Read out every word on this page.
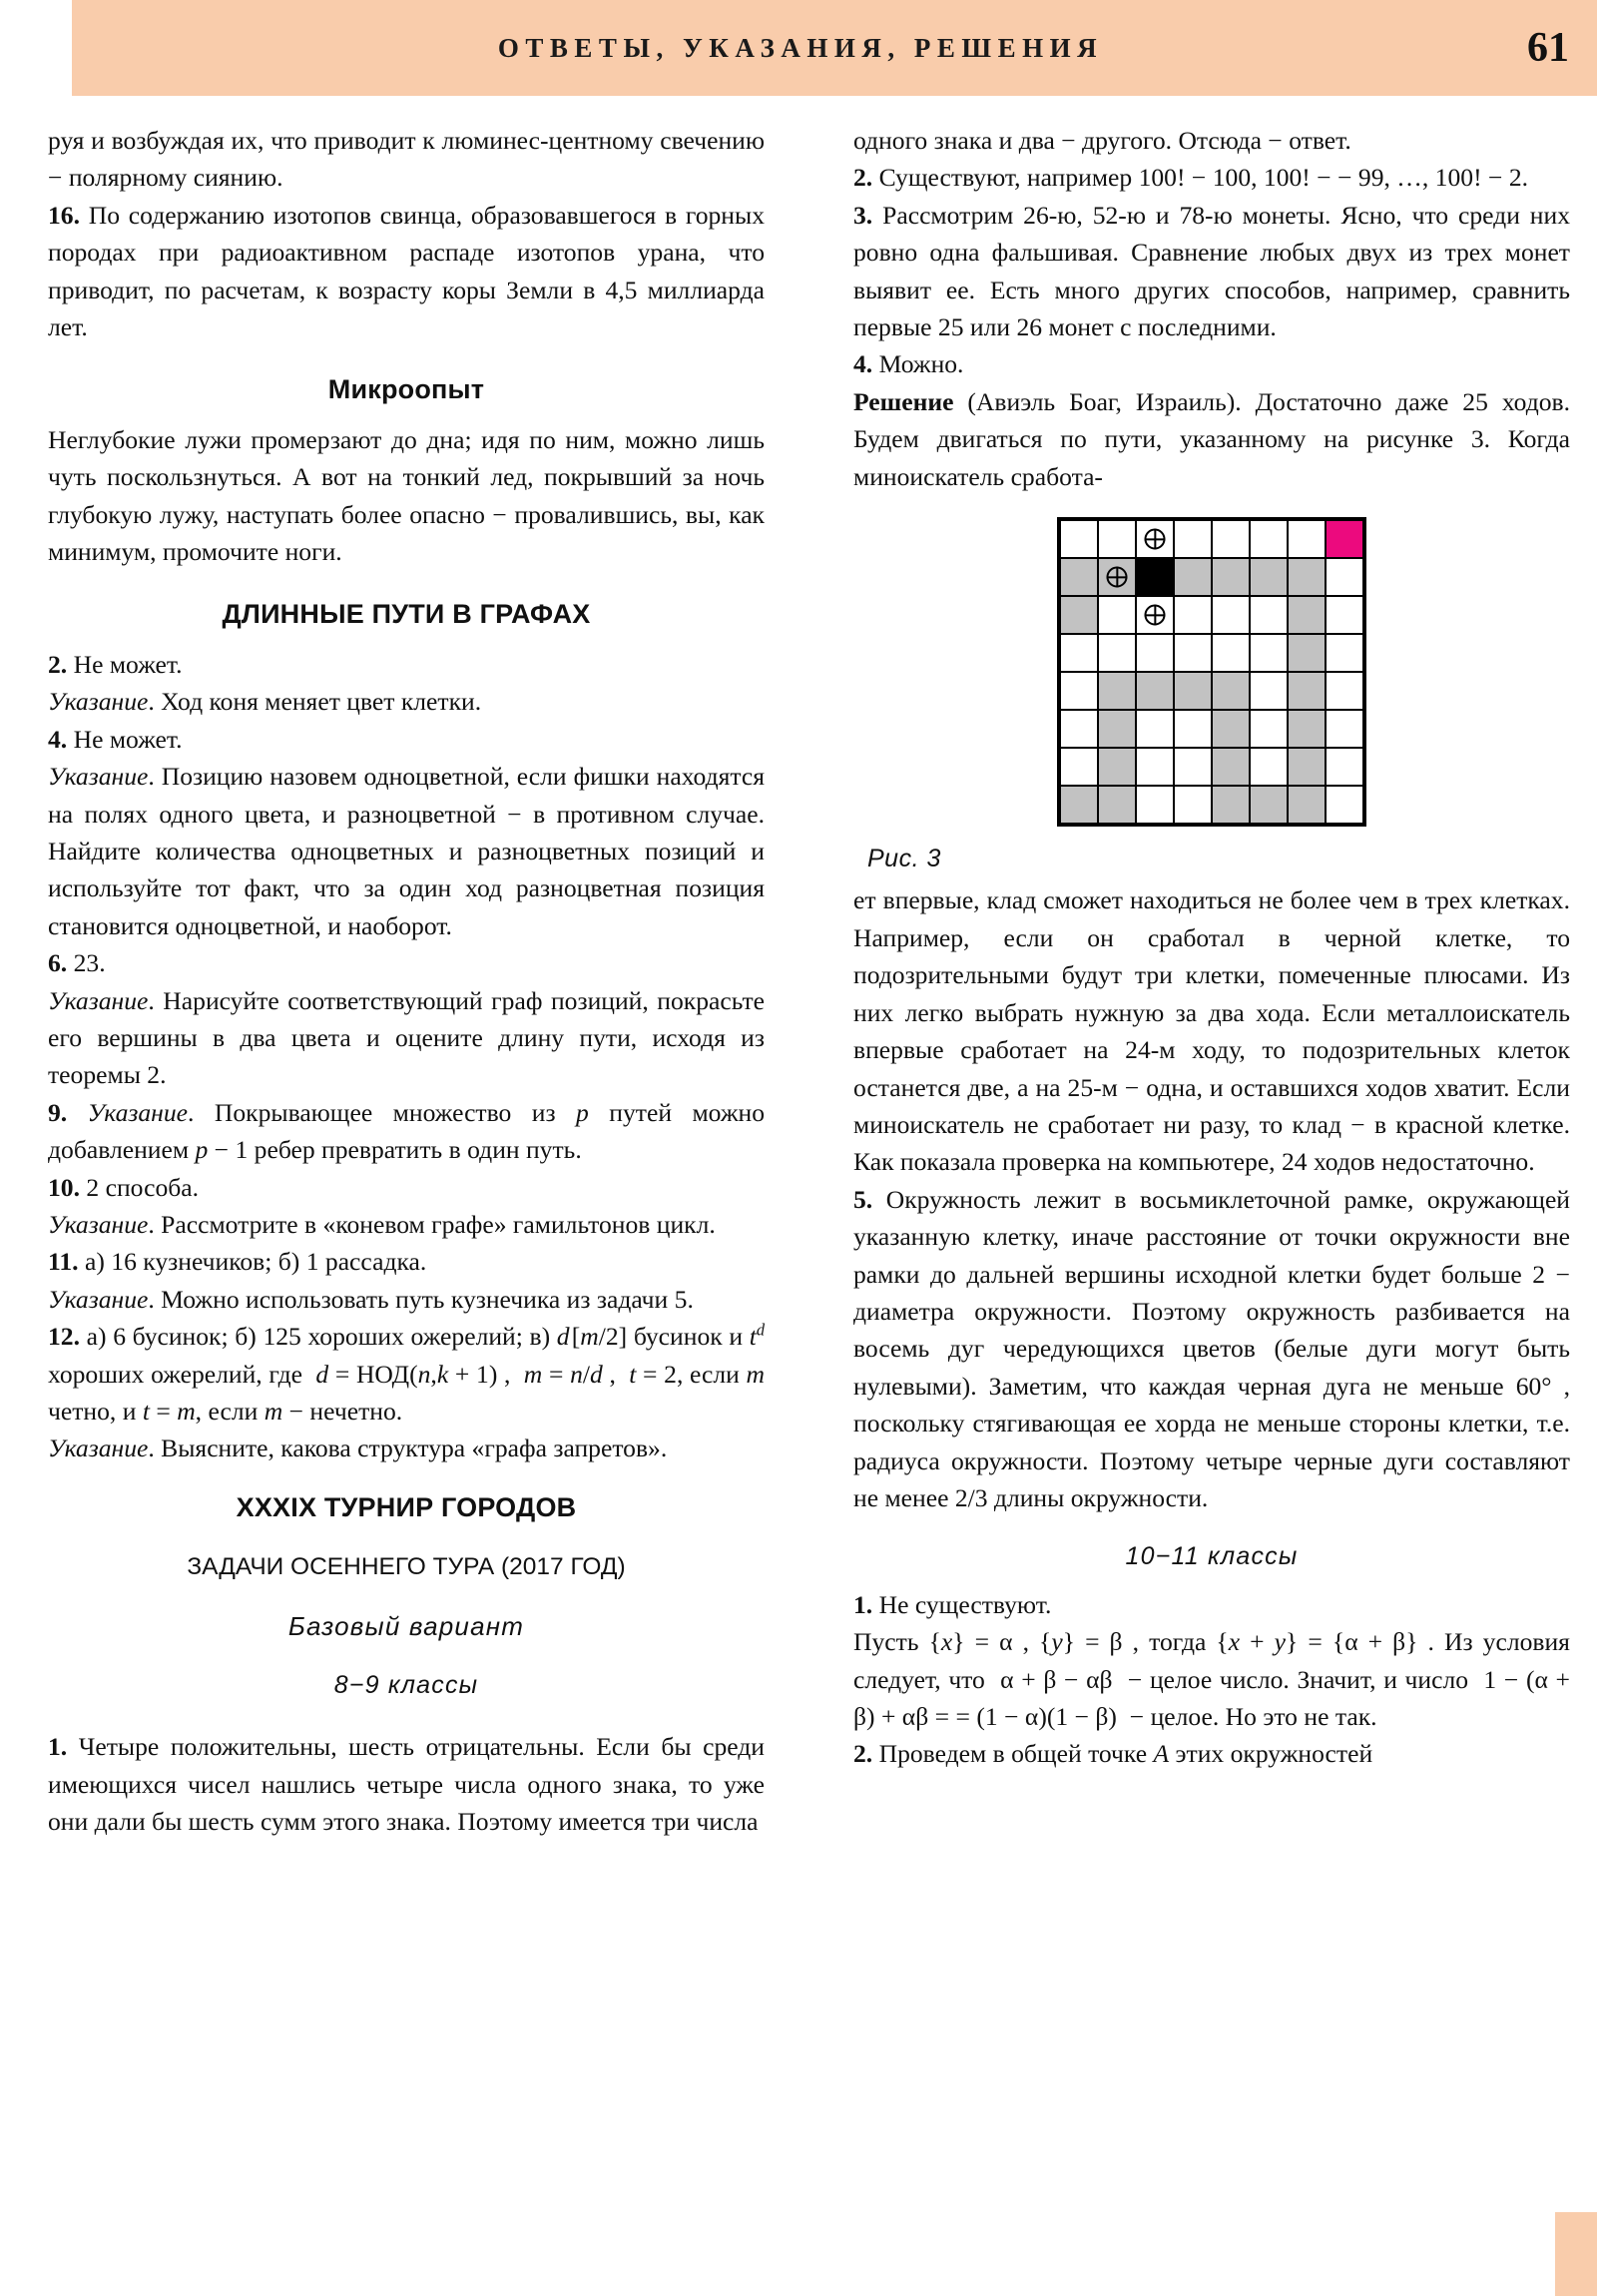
ОТВЕТЫ, УКАЗАНИЯ, РЕШЕНИЯ	61

руя и возбуждая их, что приводит к люминес-центному свечению − полярному сиянию.

16. По содержанию изотопов свинца, образовавшегося в горных породах при радиоактивном распаде изотопов урана, что приводит, по расчетам, к возрасту коры Земли в 4,5 миллиарда лет.

Микроопыт

Неглубокие лужи промерзают до дна; идя по ним, можно лишь чуть поскользнуться. А вот на тонкий лед, покрывший за ночь глубокую лужу, наступать более опасно − провалившись, вы, как минимум, промочите ноги.

ДЛИННЫЕ ПУТИ В ГРАФАХ

2. Не может.

Указание. Ход коня меняет цвет клетки.

4. Не может.

Указание. Позицию назовем одноцветной, если фишки находятся на полях одного цвета, и разноцветной − в противном случае. Найдите количества одноцветных и разноцветных позиций и используйте тот факт, что за один ход разноцветная позиция становится одноцветной, и наоборот.

6. 23.

Указание. Нарисуйте соответствующий граф позиций, покрасьте его вершины в два цвета и оцените длину пути, исходя из теоремы 2.

9. Указание. Покрывающее множество из p путей можно добавлением p − 1 ребер превратить в один путь.

10. 2 способа.

Указание. Рассмотрите в «коневом графе» гамильтонов цикл.

11. а) 16 кузнечиков; б) 1 рассадка.

Указание. Можно использовать путь кузнечика из задачи 5.

12. а) 6 бусинок; б) 125 хороших ожерелий; в) d [m/2] бусинок и $t^d$ хороших ожерелий, где  d = НОД(n,k + 1) ,  m = n/d ,  t = 2, если m четно, и t = m, если m − нечетно.

Указание. Выясните, какова структура «графа запретов».

XXXIX ТУРНИР ГОРОДОВ
ЗАДАЧИ ОСЕННЕГО ТУРА (2017 ГОД)
Базовый вариант
8−9 классы

1. Четыре положительны, шесть отрицательны. Если бы среди имеющихся чисел нашлись четыре числа одного знака, то уже они дали бы шесть сумм этого знака. Поэтому имеется три числа

одного знака и два − другого. Отсюда − ответ.

2. Существуют, например 100! − 100, 100! − − 99, …, 100! − 2.

3. Рассмотрим 26-ю, 52-ю и 78-ю монеты. Ясно, что среди них ровно одна фальшивая. Сравнение любых двух из трех монет выявит ее. Есть много других способов, например, сравнить первые 25 или 26 монет с последними.

4. Можно.

Решение (Авиэль Боаг, Израиль). Достаточно даже 25 ходов. Будем двигаться по пути, указанному на рисунке 3. Когда миноискатель сработа-

Рис. 3

ет впервые, клад сможет находиться не более чем в трех клетках. Например, если он сработал в черной клетке, то подозрительными будут три клетки, помеченные плюсами. Из них легко выбрать нужную за два хода. Если металлоискатель впервые сработает на 24-м ходу, то подозрительных клеток останется две, а на 25-м − одна, и оставшихся ходов хватит. Если миноискатель не сработает ни разу, то клад − в красной клетке. Как показала проверка на компьютере, 24 ходов недостаточно.

5. Окружность лежит в восьмиклеточной рамке, окружающей указанную клетку, иначе расстояние от точки окружности вне рамки до дальней вершины исходной клетки будет больше 2 − диаметра окружности. Поэтому окружность разбивается на восемь дуг чередующихся цветов (белые дуги могут быть нулевыми). Заметим, что каждая черная дуга не меньше 60° , поскольку стягивающая ее хорда не меньше стороны клетки, т.е. радиуса окружности. Поэтому четыре черные дуги составляют не менее 2/3 длины окружности.

10−11 классы

1. Не существуют.

Пусть {x} = α , {y} = β , тогда {x + y} = {α + β} . Из условия следует, что  α + β − αβ  − целое число. Значит, и число  1 − (α + β) + αβ = = (1 − α)(1 − β)  − целое. Но это не так.

2. Проведем в общей точке A этих окружностей
